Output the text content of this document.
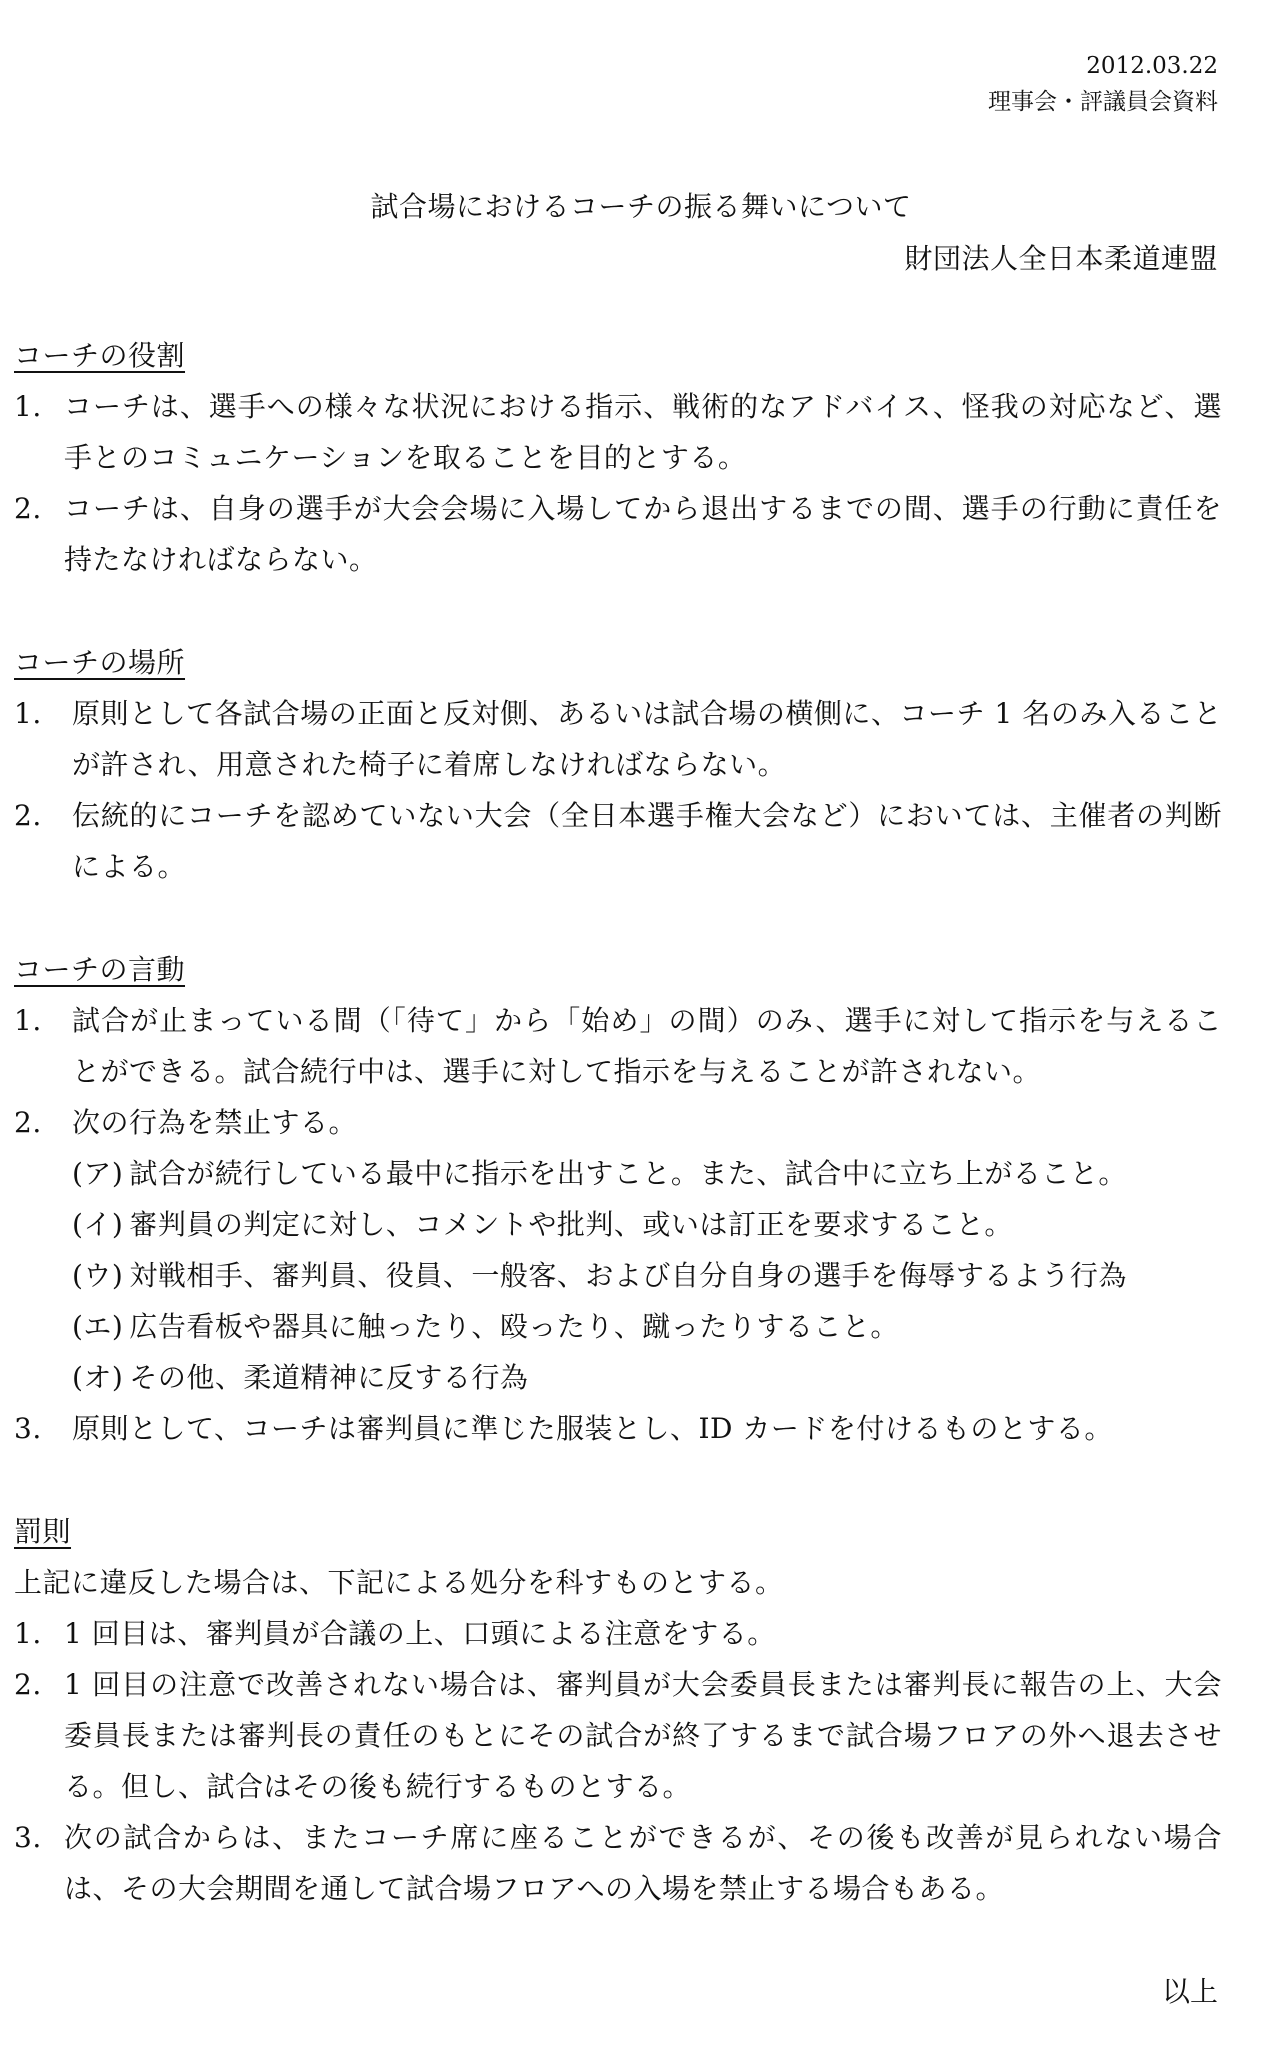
2012.03.22
理事会・評議員会資料
試合場におけるコーチの振る舞いについて
財団法人全日本柔道連盟
コーチの役割
1. コーチは、選手への様々な状況における指示、戦術的なアドバイス、怪我の対応など、選手とのコミュニケーションを取ることを目的とする。
2. コーチは、自身の選手が大会会場に入場してから退出するまでの間、選手の行動に責任を持たなければならない。
コーチの場所
1.	原則として各試合場の正面と反対側、あるいは試合場の横側に、コーチ 1 名のみ入ることが許され、用意された椅子に着席しなければならない。
2.	伝統的にコーチを認めていない大会（全日本選手権大会など）においては、主催者の判断による。
コーチの言動
1.	試合が止まっている間（「待て」から「始め」の間）のみ、選手に対して指示を与えることができる。試合続行中は、選手に対して指示を与えることが許されない。
2.	次の行為を禁止する。
(ア) 試合が続行している最中に指示を出すこと。また、試合中に立ち上がること。
(イ) 審判員の判定に対し、コメントや批判、或いは訂正を要求すること。
(ウ) 対戦相手、審判員、役員、一般客、および自分自身の選手を侮辱するよう行為
(エ) 広告看板や器具に触ったり、殴ったり、蹴ったりすること。
(オ) その他、柔道精神に反する行為
3.	原則として、コーチは審判員に準じた服装とし、ID カードを付けるものとする。
罰則
上記に違反した場合は、下記による処分を科すものとする。
1. 1 回目は、審判員が合議の上、口頭による注意をする。
2. 1 回目の注意で改善されない場合は、審判員が大会委員長または審判長に報告の上、大会委員長または審判長の責任のもとにその試合が終了するまで試合場フロアの外へ退去させる。但し、試合はその後も続行するものとする。
3. 次の試合からは、またコーチ席に座ることができるが、その後も改善が見られない場合は、その大会期間を通して試合場フロアへの入場を禁止する場合もある。
以上
